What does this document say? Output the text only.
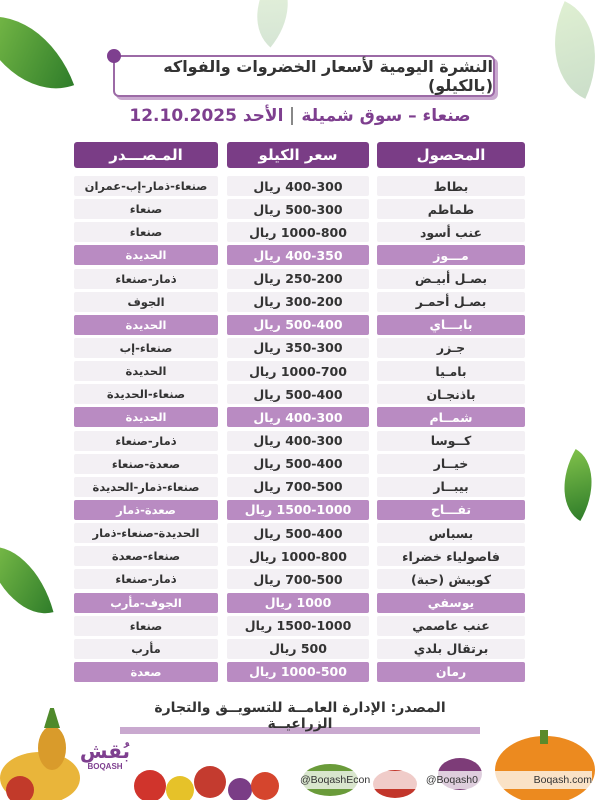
النشرة اليومية لأسعار الخضروات والفواكه (بالكيلو)
صنعاء – سوق شميلةالأحد 12.10.2025
المحصول
سعر الكيلو
المـصـــدر
بطاط
400-300 ريال
صنعاء-ذمار-إب-عمران
طماطم
500-300 ريال
صنعاء
عنب أسود
1000-800 ريال
صنعاء
مـــوز
400-350 ريال
الحديدة
بصـل أبيـض
250-200 ريال
ذمار-صنعاء
بصـل أحمـر
300-200 ريال
الجوف
بابـــاي
500-400 ريال
الحديدة
جـزر
350-300 ريال
صنعاء-إب
بامـيا
1000-700 ريال
الحديدة
باذنجـان
500-400 ريال
صنعاء-الحديدة
شمــام
400-300 ريال
الحديدة
كــوسا
400-300 ريال
ذمار-صنعاء
خيــار
500-400 ريال
صعدة-صنعاء
بيبــار
700-500 ريال
صنعاء-ذمار-الحديدة
تفـــاح
1500-1000 ريال
صعدة-ذمار
بسباس
500-400 ريال
الحديدة-صنعاء-ذمار
فاصولياء خضراء
1000-800 ريال
صنعاء-صعدة
كوبيش (حبة)
700-500 ريال
ذمار-صنعاء
يوسفي
1000 ريال
الجوف-مأرب
عنب عاصمي
1500-1000 ريال
صنعاء
برتقال بلدي
500 ريال
مأرب
رمان
1000-500 ريال
صعدة
المصدر: الإدارة العامــة للتسويــق والتجارة الزراعيــة
بُقش
BOQASH
@BoqashEcon	@Boqash0	Boqash.com
